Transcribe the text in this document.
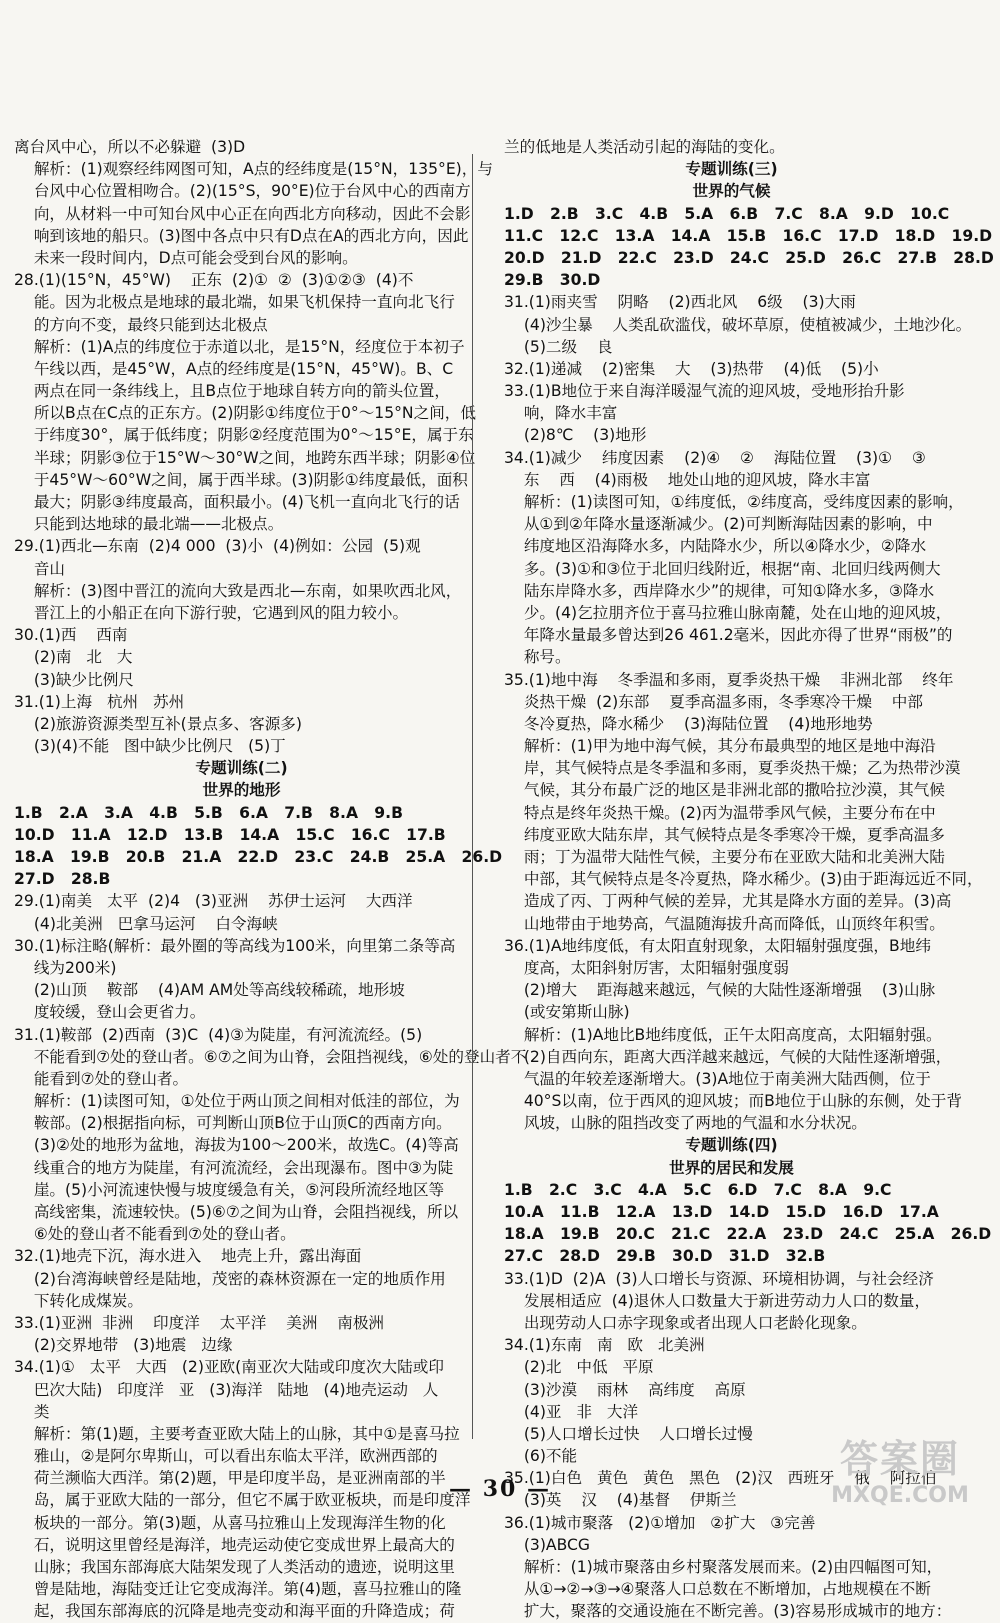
离台风中心，所以不必躲避  (3)D
解析：(1)观察经纬网图可知，A点的经纬度是(15°N，135°E)，与
台风中心位置相吻合。(2)(15°S，90°E)位于台风中心的西南方
向，从材料一中可知台风中心正在向西北方向移动，因此不会影
响到该地的船只。(3)图中各点中只有D点在A的西北方向，因此
未来一段时间内，D点可能会受到台风的影响。
28.(1)(15°N，45°W)    正东  (2)①  ②  (3)①②③  (4)不
能。因为北极点是地球的最北端，如果飞机保持一直向北飞行
的方向不变，最终只能到达北极点
解析：(1)A点的纬度位于赤道以北，是15°N，经度位于本初子
午线以西，是45°W，A点的经纬度是(15°N，45°W)。B、C
两点在同一条纬线上，且B点位于地球自转方向的箭头位置，
所以B点在C点的正东方。(2)阴影①纬度位于0°～15°N之间，低
于纬度30°，属于低纬度；阴影②经度范围为0°～15°E，属于东
半球；阴影③位于15°W～30°W之间，地跨东西半球；阴影④位
于45°W～60°W之间，属于西半球。(3)阴影①纬度最低，面积
最大；阴影③纬度最高，面积最小。(4)飞机一直向北飞行的话
只能到达地球的最北端——北极点。
29.(1)西北—东南  (2)4 000  (3)小  (4)例如：公园  (5)观
音山
解析：(3)图中晋江的流向大致是西北—东南，如果吹西北风，
晋江上的小船正在向下游行驶，它遇到风的阻力较小。
30.(1)西    西南
(2)南   北   大
(3)缺少比例尺
31.(1)上海   杭州   苏州
(2)旅游资源类型互补(景点多、客源多)
(3)(4)不能   图中缺少比例尺   (5)丁
专题训练(二)
世界的地形
1.B   2.A   3.A   4.B   5.B   6.A   7.B   8.A   9.B
10.D   11.A   12.D   13.B   14.A   15.C   16.C   17.B
18.A   19.B   20.B   21.A   22.D   23.C   24.B   25.A   26.D
27.D   28.B
29.(1)南美   太平  (2)4   (3)亚洲    苏伊士运河    大西洋
(4)北美洲   巴拿马运河    白令海峡
30.(1)标注略(解析：最外圈的等高线为100米，向里第二条等高
线为200米)
(2)山顶    鞍部    (4)AM AM处等高线较稀疏，地形坡
度较缓，登山会更省力。
31.(1)鞍部  (2)西南  (3)C  (4)③为陡崖，有河流流经。(5)
不能看到⑦处的登山者。⑥⑦之间为山脊，会阻挡视线，⑥处的登山者不
能看到⑦处的登山者。
解析：(1)读图可知，①处位于两山顶之间相对低洼的部位，为
鞍部。(2)根据指向标，可判断山顶B位于山顶C的西南方向。
(3)②处的地形为盆地，海拔为100～200米，故选C。(4)等高
线重合的地方为陡崖，有河流流经，会出现瀑布。图中③为陡
崖。(5)小河流速快慢与坡度缓急有关，⑤河段所流经地区等
高线密集，流速较快。(5)⑥⑦之间为山脊，会阻挡视线，所以
⑥处的登山者不能看到⑦处的登山者。
32.(1)地壳下沉，海水进入    地壳上升，露出海面
(2)台湾海峡曾经是陆地，茂密的森林资源在一定的地质作用
下转化成煤炭。
33.(1)亚洲  非洲    印度洋    太平洋    美洲    南极洲
(2)交界地带   (3)地震   边缘
34.(1)①   太平   大西   (2)亚欧(南亚次大陆或印度次大陆或印
巴次大陆)   印度洋   亚   (3)海洋   陆地   (4)地壳运动   人
类
解析：第(1)题，主要考查亚欧大陆上的山脉，其中①是喜马拉
雅山，②是阿尔卑斯山，可以看出东临太平洋，欧洲西部的
荷兰濒临大西洋。第(2)题，甲是印度半岛，是亚洲南部的半
岛，属于亚欧大陆的一部分，但它不属于欧亚板块，而是印度洋
板块的一部分。第(3)题，从喜马拉雅山上发现海洋生物的化
石，说明这里曾经是海洋，地壳运动使它变成世界上最高大的
山脉；我国东部海底大陆架发现了人类活动的遗迹，说明这里
曾是陆地，海陆变迁让它变成海洋。第(4)题，喜马拉雅山的隆
起，我国东部海底的沉降是地壳变动和海平面的升降造成；荷
兰的低地是人类活动引起的海陆的变化。
专题训练(三)
世界的气候
1.D   2.B   3.C   4.B   5.A   6.B   7.C   8.A   9.D   10.C
11.C   12.C   13.A   14.A   15.B   16.C   17.D   18.D   19.D
20.D   21.D   22.C   23.D   24.C   25.D   26.C   27.B   28.D
29.B   30.D
31.(1)雨夹雪    阴略    (2)西北风    6级    (3)大雨
(4)沙尘暴    人类乱砍滥伐，破坏草原，使植被减少，土地沙化。
(5)二级    良
32.(1)递减    (2)密集    大    (3)热带    (4)低    (5)小
33.(1)B地位于来自海洋暖湿气流的迎风坡，受地形抬升影
响，降水丰富
(2)8℃    (3)地形
34.(1)减少    纬度因素    (2)④    ②    海陆位置    (3)①    ③
东    西    (4)雨极    地处山地的迎风坡，降水丰富
解析：(1)读图可知，①纬度低，②纬度高，受纬度因素的影响，
从①到②年降水量逐渐减少。(2)可判断海陆因素的影响，中
纬度地区沿海降水多，内陆降水少，所以④降水少，②降水
多。(3)①和③位于北回归线附近，根据“南、北回归线两侧大
陆东岸降水多，西岸降水少”的规律，可知①降水多，③降水
少。(4)乞拉朋齐位于喜马拉雅山脉南麓，处在山地的迎风坡，
年降水量最多曾达到26 461.2毫米，因此亦得了世界“雨极”的
称号。
35.(1)地中海    冬季温和多雨，夏季炎热干燥    非洲北部    终年
炎热干燥  (2)东部    夏季高温多雨，冬季寒冷干燥    中部
冬冷夏热，降水稀少    (3)海陆位置    (4)地形地势
解析：(1)甲为地中海气候，其分布最典型的地区是地中海沿
岸，其气候特点是冬季温和多雨，夏季炎热干燥；乙为热带沙漠
气候，其分布最广泛的地区是非洲北部的撒哈拉沙漠，其气候
特点是终年炎热干燥。(2)丙为温带季风气候，主要分布在中
纬度亚欧大陆东岸，其气候特点是冬季寒冷干燥，夏季高温多
雨；丁为温带大陆性气候，主要分布在亚欧大陆和北美洲大陆
中部，其气候特点是冬冷夏热，降水稀少。(3)由于距海远近不同，
造成了丙、丁两种气候的差异，尤其是降水方面的差异。(3)高
山地带由于地势高，气温随海拔升高而降低，山顶终年积雪。
36.(1)A地纬度低，有太阳直射现象，太阳辐射强度强，B地纬
度高，太阳斜射厉害，太阳辐射强度弱
(2)增大    距海越来越远，气候的大陆性逐渐增强    (3)山脉
(或安第斯山脉)
解析：(1)A地比B地纬度低，正午太阳高度高，太阳辐射强。
(2)自西向东，距离大西洋越来越远，气候的大陆性逐渐增强，
气温的年较差逐渐增大。(3)A地位于南美洲大陆西侧，位于
40°S以南，位于西风的迎风坡；而B地位于山脉的东侧，处于背
风坡，山脉的阻挡改变了两地的气温和水分状况。
专题训练(四)
世界的居民和发展
1.B   2.C   3.C   4.A   5.C   6.D   7.C   8.A   9.C
10.A   11.B   12.A   13.D   14.D   15.D   16.D   17.A
18.A   19.B   20.C   21.C   22.A   23.D   24.C   25.A   26.D
27.C   28.D   29.B   30.D   31.D   32.B
33.(1)D  (2)A  (3)人口增长与资源、环境相协调，与社会经济
发展相适应  (4)退休人口数量大于新进劳动力人口的数量，
出现劳动人口赤字现象或者出现人口老龄化现象。
34.(1)东南   南   欧   北美洲
(2)北   中低   平原
(3)沙漠    雨林    高纬度    高原
(4)亚   非   大洋
(5)人口增长过快    人口增长过慢
(6)不能
35.(1)白色   黄色   黄色   黑色   (2)汉   西班牙    俄    阿拉伯
(3)英    汉    (4)基督    伊斯兰
36.(1)城市聚落   (2)①增加   ②扩大   ③完善
(3)ABCG
解析：(1)城市聚落由乡村聚落发展而来。(2)由四幅图可知，
从①→②→③→④聚落人口总数在不断增加，占地规模在不断
扩大，聚落的交通设施在不断完善。(3)容易形成城市的地方：
— 30 —
答案圈
MXQE.COM
